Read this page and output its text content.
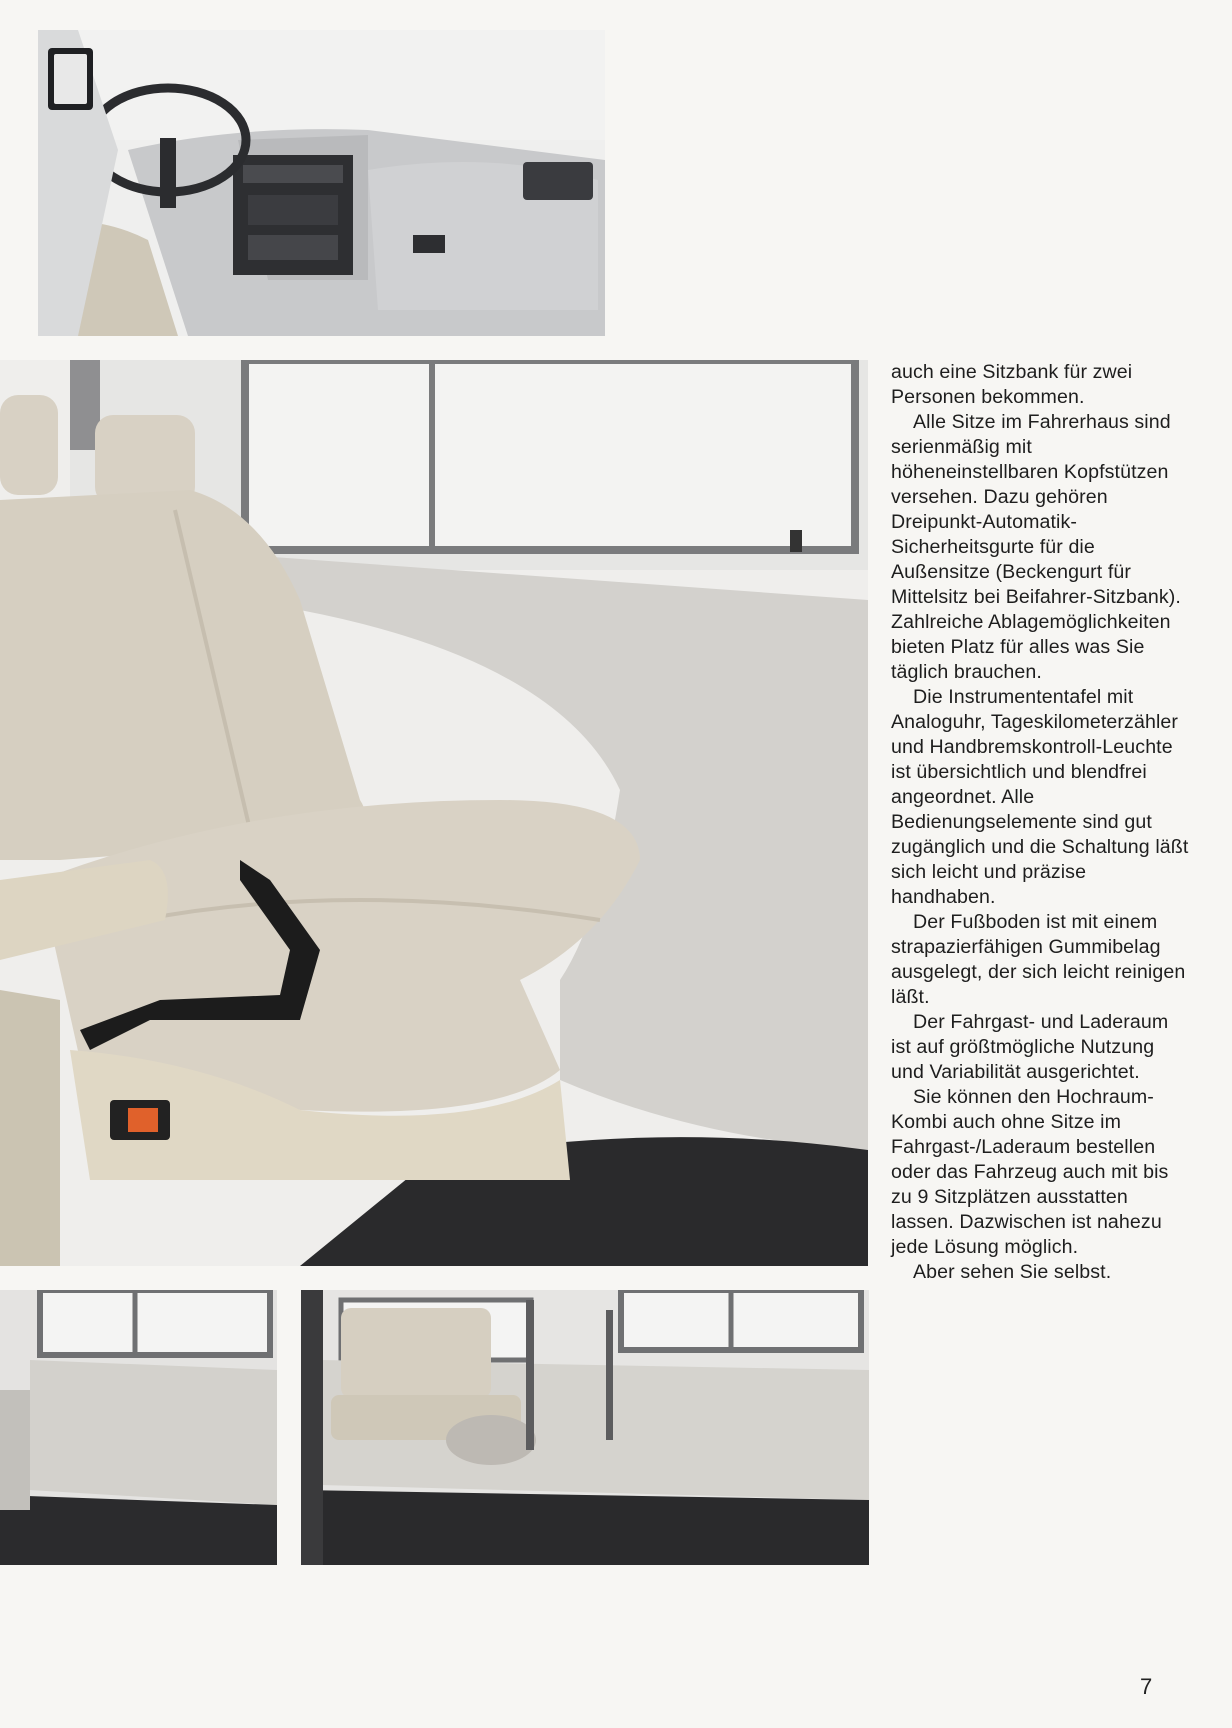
auch eine Sitzbank für zwei Personen bekommen.

Alle Sitze im Fahrerhaus sind serienmäßig mit höheneinstellbaren Kopfstützen versehen. Dazu gehören Dreipunkt-Automatik-Sicherheitsgurte für die Außensitze (Beckengurt für Mittelsitz bei Beifahrer-Sitzbank). Zahlreiche Ablagemöglichkeiten bieten Platz für alles was Sie täglich brauchen.

Die Instrumententafel mit Analoguhr, Tageskilometerzähler und Handbremskontroll-Leuchte ist übersichtlich und blendfrei angeordnet. Alle Bedienungselemente sind gut zugänglich und die Schaltung läßt sich leicht und präzise handhaben.

Der Fußboden ist mit einem strapazierfähigen Gummibelag ausgelegt, der sich leicht reinigen läßt.

Der Fahrgast- und Laderaum ist auf größtmögliche Nutzung und Variabilität ausgerichtet.

Sie können den Hochraum-Kombi auch ohne Sitze im Fahrgast-/Laderaum bestellen oder das Fahrzeug auch mit bis zu 9 Sitzplätzen ausstatten lassen. Dazwischen ist nahezu jede Lösung möglich.

Aber sehen Sie selbst.

7
